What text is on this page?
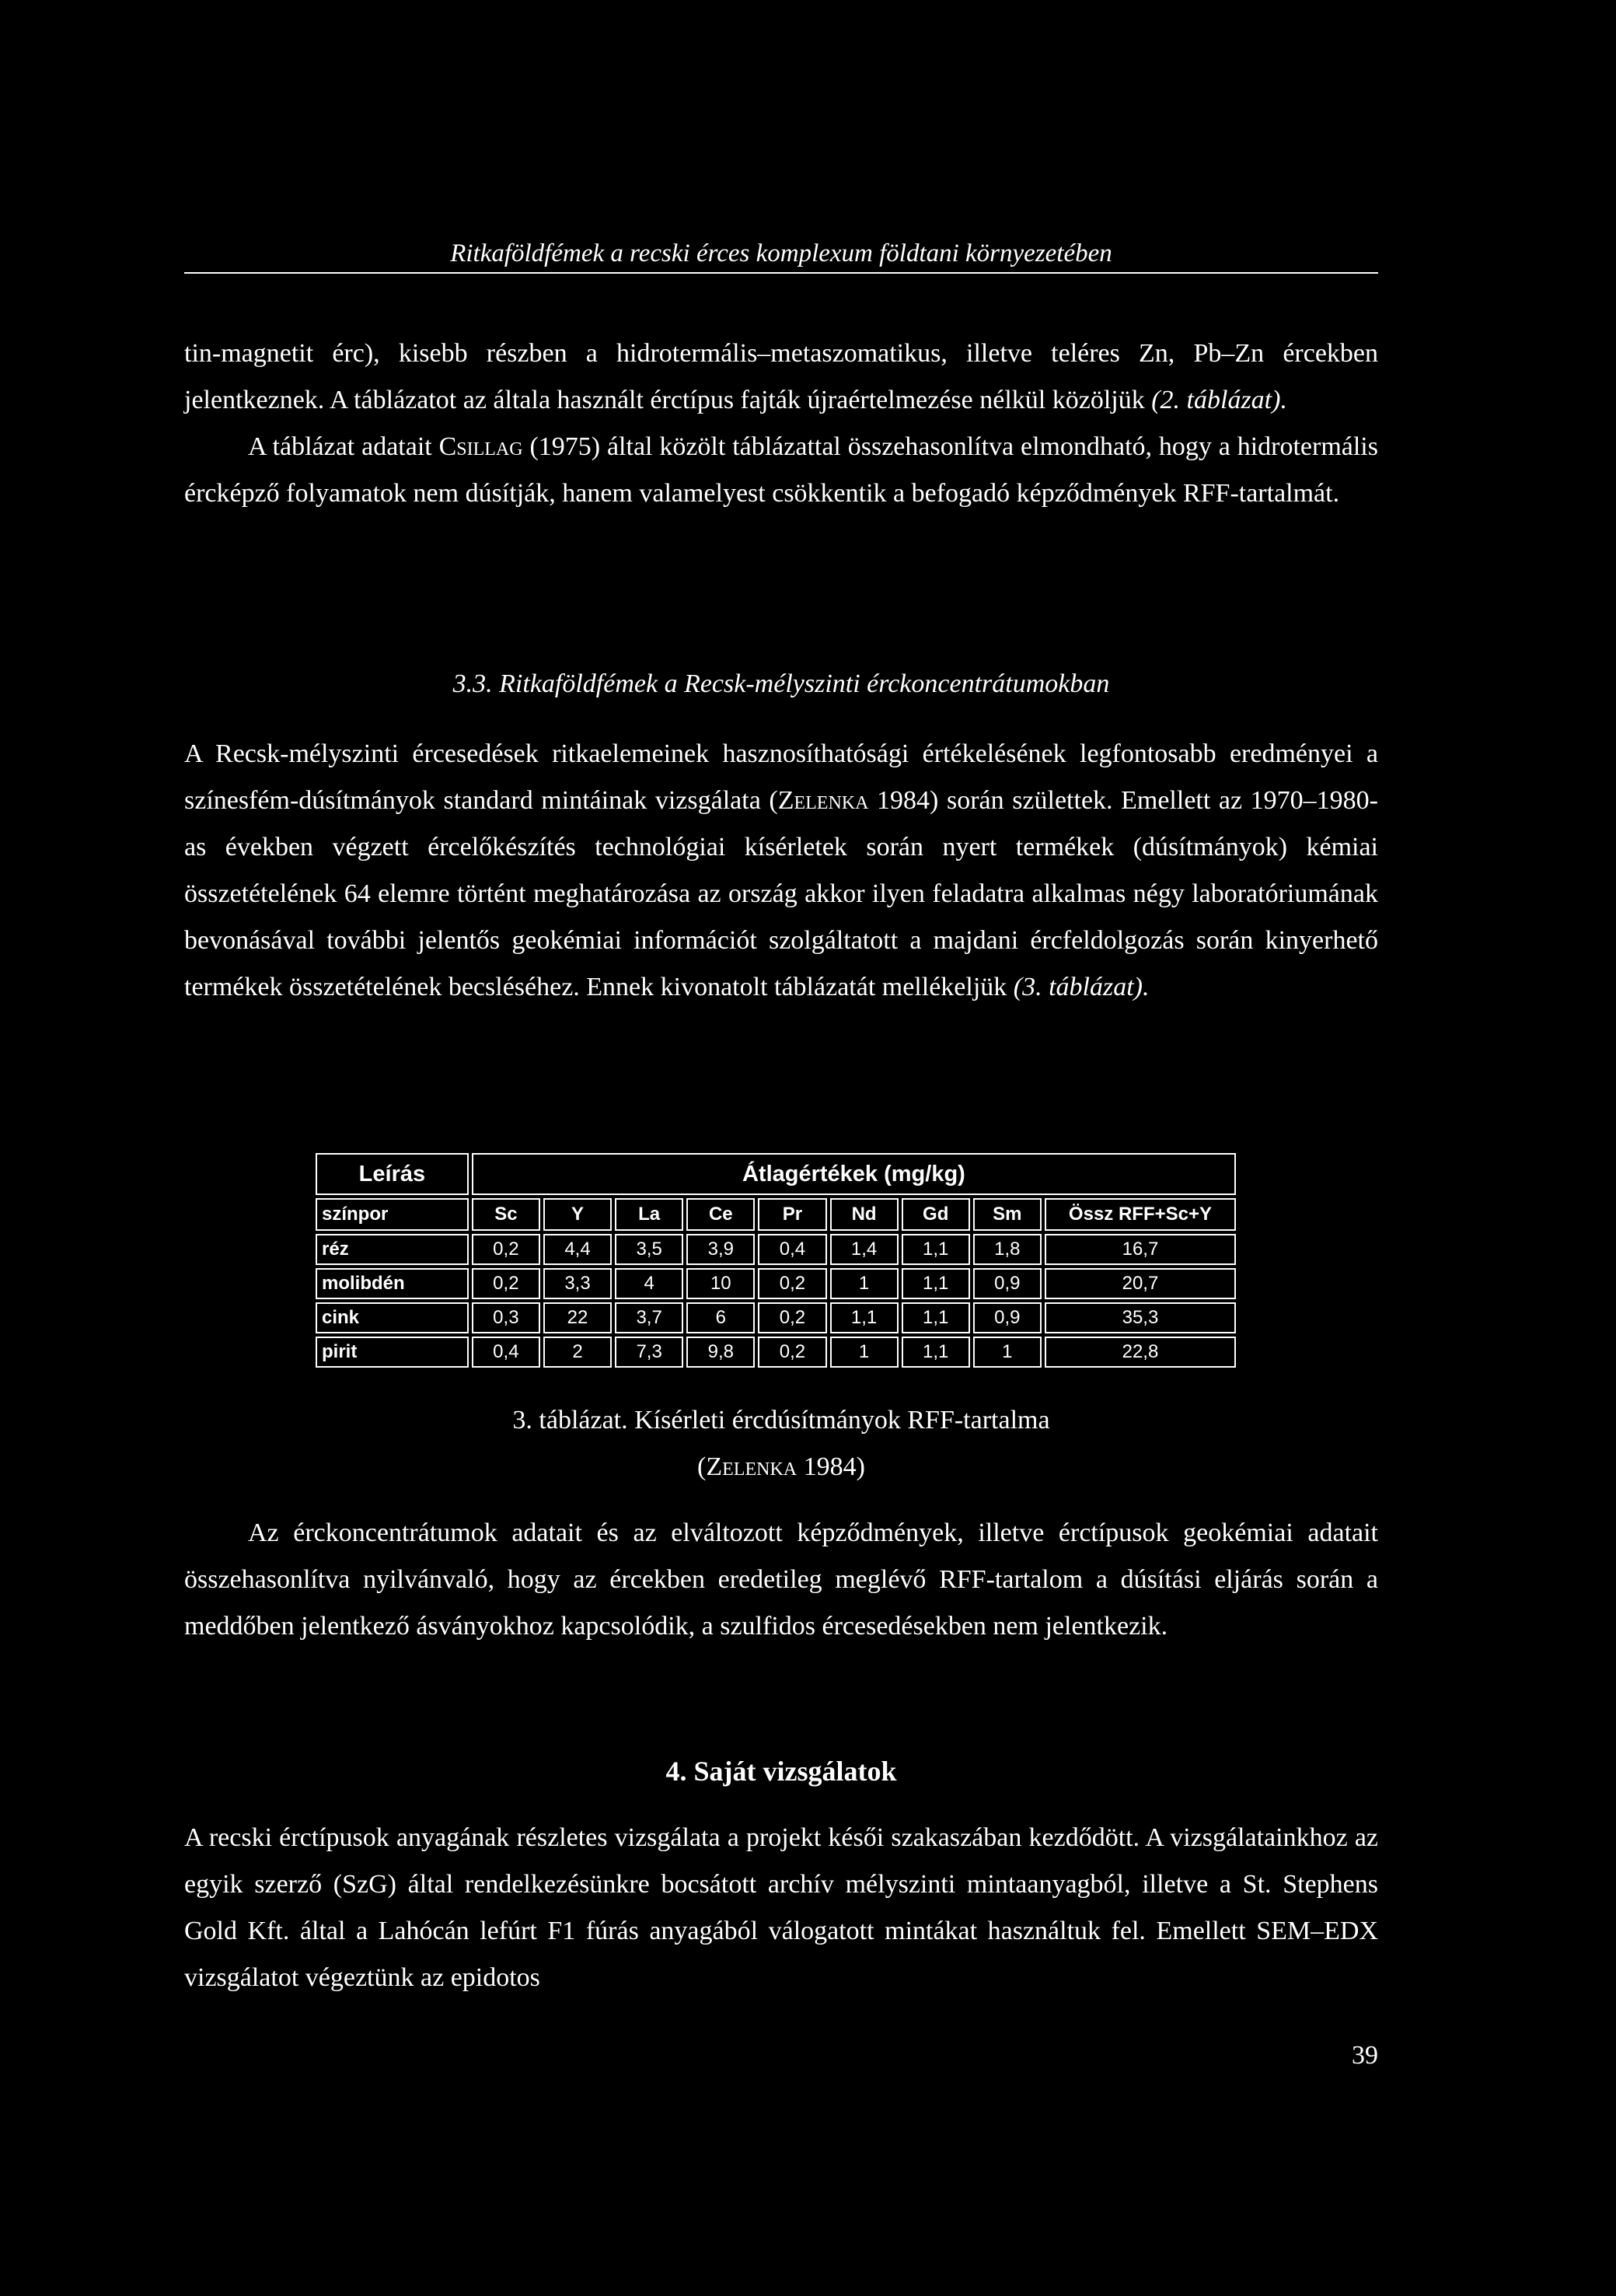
Ritkaföldfémek a recski érces komplexum földtani környezetében

tin-magnetit érc), kisebb részben a hidrotermális–metaszomatikus, illetve teléres Zn, Pb–Zn ércekben jelentkeznek. A táblázatot az általa használt érctípus fajták újraértelmezése nélkül közöljük (2. táblázat).

A táblázat adatait Csillag (1975) által közölt táblázattal összehasonlítva elmondható, hogy a hidrotermális ércképző folyamatok nem dúsítják, hanem valamelyest csökkentik a befogadó képződmények RFF-tartalmát.

3.3. Ritkaföldfémek a Recsk-mélyszinti érckoncentrátumokban

A Recsk-mélyszinti ércesedések ritkaelemeinek hasznosíthatósági értékelésének legfontosabb eredményei a színesfém-dúsítmányok standard mintáinak vizsgálata (Zelenka 1984) során születtek. Emellett az 1970–1980-as években végzett ércelőkészítés technológiai kísérletek során nyert termékek (dúsítmányok) kémiai összetételének 64 elemre történt meghatározása az ország akkor ilyen feladatra alkalmas négy laboratóriumának bevonásával további jelentős geokémiai információt szolgáltatott a majdani ércfeldolgozás során kinyerhető termékek összetételének becsléséhez. Ennek kivonatolt táblázatát mellékeljük (3. táblázat).

Leírás	Átlagértékek (mg/kg)								
színpor	Sc	Y	La	Ce	Pr	Nd	Gd	Sm	Össz RFF+Sc+Y
réz	0,2	4,4	3,5	3,9	0,4	1,4	1,1	1,8	16,7
molibdén	0,2	3,3	4	10	0,2	1	1,1	0,9	20,7
cink	0,3	22	3,7	6	0,2	1,1	1,1	0,9	35,3
pirit	0,4	2	7,3	9,8	0,2	1	1,1	1	22,8
3. táblázat. Kísérleti ércdúsítmányok RFF-tartalma
(Zelenka 1984)

Az érckoncentrátumok adatait és az elváltozott képződmények, illetve érctípusok geokémiai adatait összehasonlítva nyilvánvaló, hogy az ércekben eredetileg meglévő RFF-tartalom a dúsítási eljárás során a meddőben jelentkező ásványokhoz kapcsolódik, a szulfidos ércesedésekben nem jelentkezik.

4. Saját vizsgálatok

A recski érctípusok anyagának részletes vizsgálata a projekt késői szakaszában kezdődött. A vizsgálatainkhoz az egyik szerző (SzG) által rendelkezésünkre bocsátott archív mélyszinti mintaanyagból, illetve a St. Stephens Gold Kft. által a Lahócán lefúrt F1 fúrás anyagából válogatott mintákat használtuk fel. Emellett SEM–EDX vizsgálatot végeztünk az epidotos

39
